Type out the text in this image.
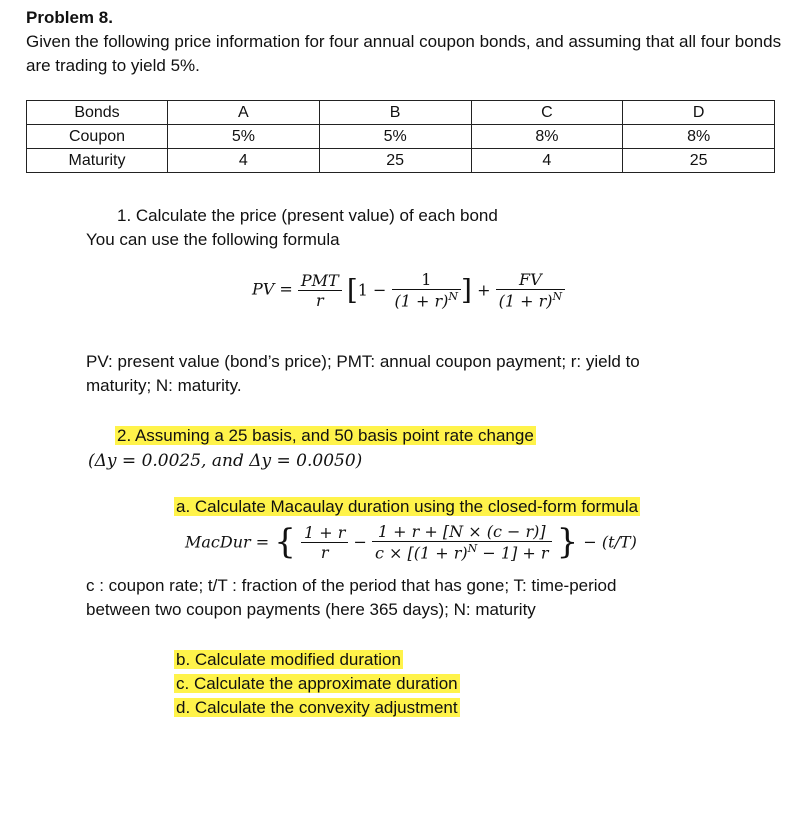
Problem 8.
Given the following price information for four annual coupon bonds, and assuming that all four bonds are trading to yield 5%.
Bonds	A	B	C	D
Coupon	5%	5%	8%	8%
Maturity	4	25	4	25
1. Calculate the price (present value) of each bond
You can use the following formula
PV = $\frac{\text{PMT}}{r} [1 - \frac{1}{(1 + r)^N}$ ] + $\frac{FV}{(1 + r)^N}$
PV: present value (bond’s price); PMT: annual coupon payment; r: yield to
maturity; N: maturity.
2. Assuming a 25 basis, and 50 basis point rate change
(Δy = 0.0025, and Δy = 0.0050)
a. Calculate Macaulay duration using the closed-form formula
MacDur = { $\frac{1 + r}{r} - \frac{1 + r + [N \times (c - r)]}{c \times [(1 + r)^N - 1] + r}$ } − (t/T)
c : coupon rate; t/T : fraction of the period that has gone; T: time-period
between two coupon payments (here 365 days); N: maturity
b. Calculate modified duration
c. Calculate the approximate duration
d. Calculate the convexity adjustment
